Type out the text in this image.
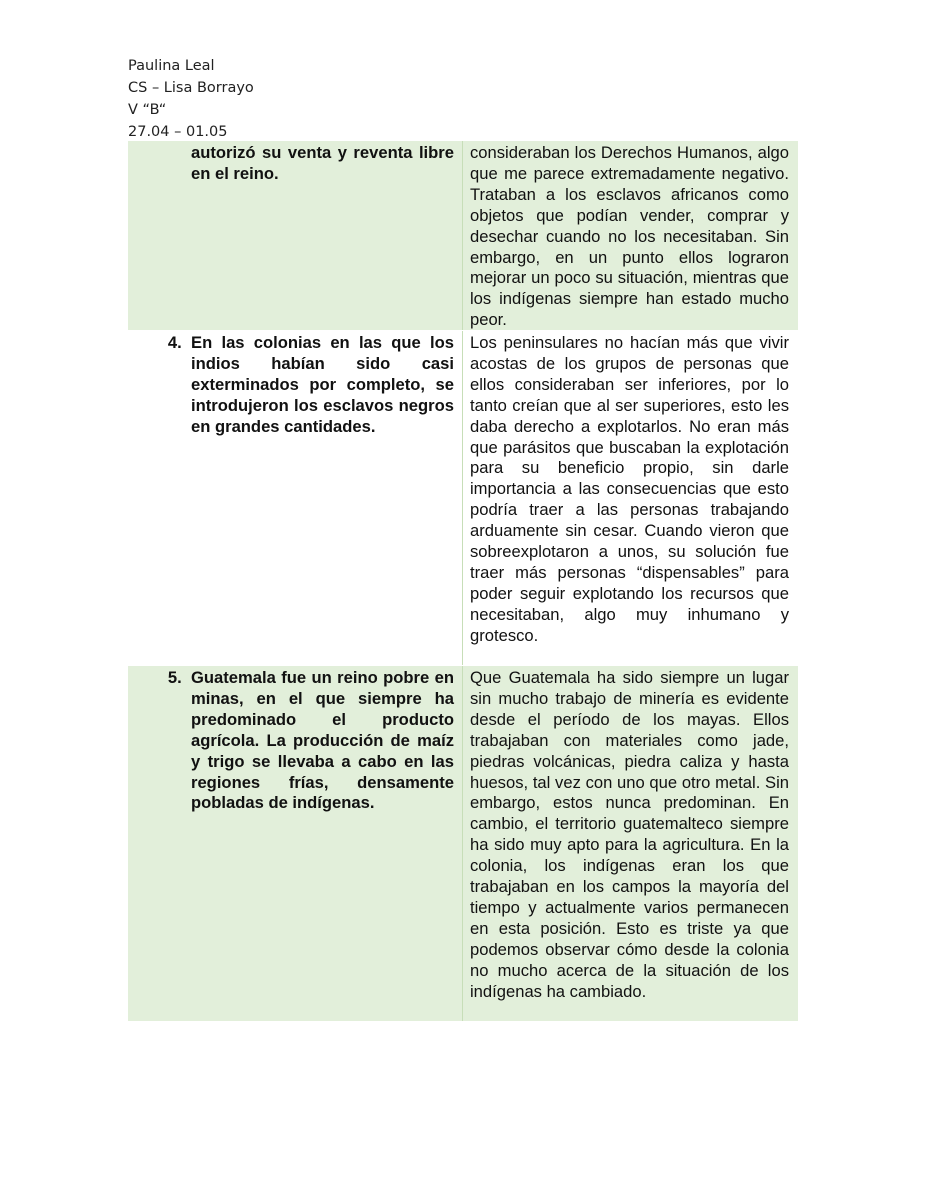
Paulina Leal
CS – Lisa Borrayo
V “B“
27.04 – 01.05
autorizó su venta y reventa libre en el reino.
consideraban los Derechos Humanos, algo que me parece extremadamente negativo. Trataban a los esclavos africanos como objetos que podían vender, comprar y desechar cuando no los necesitaban. Sin embargo, en un punto ellos lograron mejorar un poco su situación, mientras que los indígenas siempre han estado mucho peor.
4. En las colonias en las que los indios habían sido casi exterminados por completo, se introdujeron los esclavos negros en grandes cantidades.
Los peninsulares no hacían más que vivir acostas de los grupos de personas que ellos consideraban ser inferiores, por lo tanto creían que al ser superiores, esto les daba derecho a explotarlos. No eran más que parásitos que buscaban la explotación para su beneficio propio, sin darle importancia a las consecuencias que esto podría traer a las personas trabajando arduamente sin cesar. Cuando vieron que sobreexplotaron a unos, su solución fue traer más personas “dispensables” para poder seguir explotando los recursos que necesitaban, algo muy inhumano y grotesco.
5. Guatemala fue un reino pobre en minas, en el que siempre ha predominado el producto agrícola. La producción de maíz y trigo se llevaba a cabo en las regiones frías, densamente pobladas de indígenas.
Que Guatemala ha sido siempre un lugar sin mucho trabajo de minería es evidente desde el período de los mayas. Ellos trabajaban con materiales como jade, piedras volcánicas, piedra caliza y hasta huesos, tal vez con uno que otro metal. Sin embargo, estos nunca predominan. En cambio, el territorio guatemalteco siempre ha sido muy apto para la agricultura. En la colonia, los indígenas eran los que trabajaban en los campos la mayoría del tiempo y actualmente varios permanecen en esta posición. Esto es triste ya que podemos observar cómo desde la colonia no mucho acerca de la situación de los indígenas ha cambiado.
